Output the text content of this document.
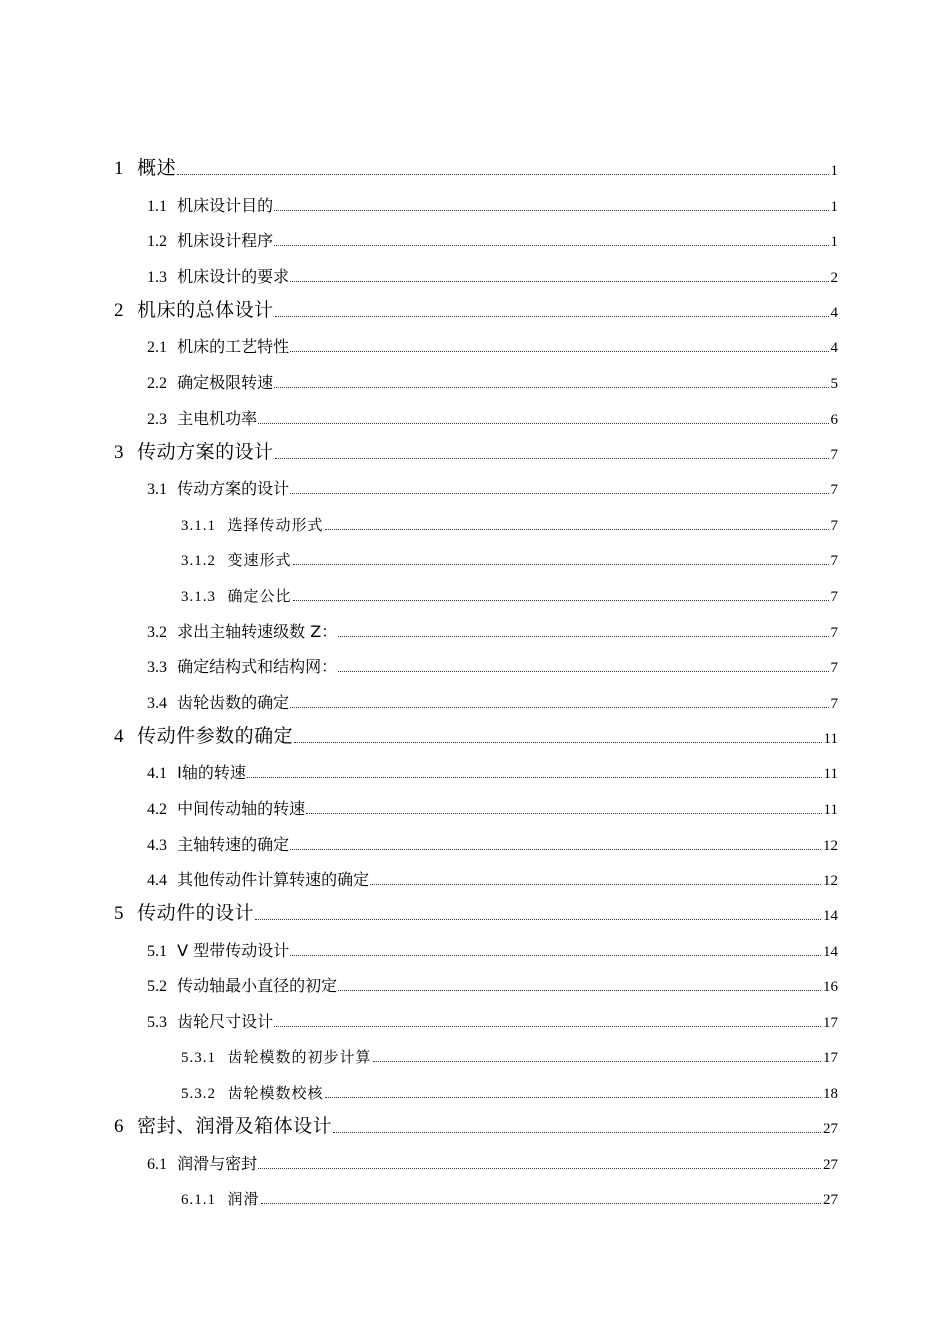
1 概述	1
1.1 机床设计目的	1
1.2 机床设计程序	1
1.3 机床设计的要求	2
2 机床的总体设计	4
2.1 机床的工艺特性	4
2.2 确定极限转速	5
2.3 主电机功率	6
3 传动方案的设计	7
3.1 传动方案的设计	7
3.1.1 选择传动形式	7
3.1.2 变速形式	7
3.1.3 确定公比	7
3.2 求出主轴转速级数 Z：	7
3.3 确定结构式和结构网：	7
3.4 齿轮齿数的确定	7
4 传动件参数的确定	11
4.1 Ⅰ轴的转速	11
4.2 中间传动轴的转速	11
4.3 主轴转速的确定	12
4.4 其他传动件计算转速的确定	12
5 传动件的设计	14
5.1 V 型带传动设计	14
5.2 传动轴最小直径的初定	16
5.3 齿轮尺寸设计	17
5.3.1 齿轮模数的初步计算	17
5.3.2 齿轮模数校核	18
6 密封、润滑及箱体设计	27
6.1 润滑与密封	27
6.1.1 润滑	27
